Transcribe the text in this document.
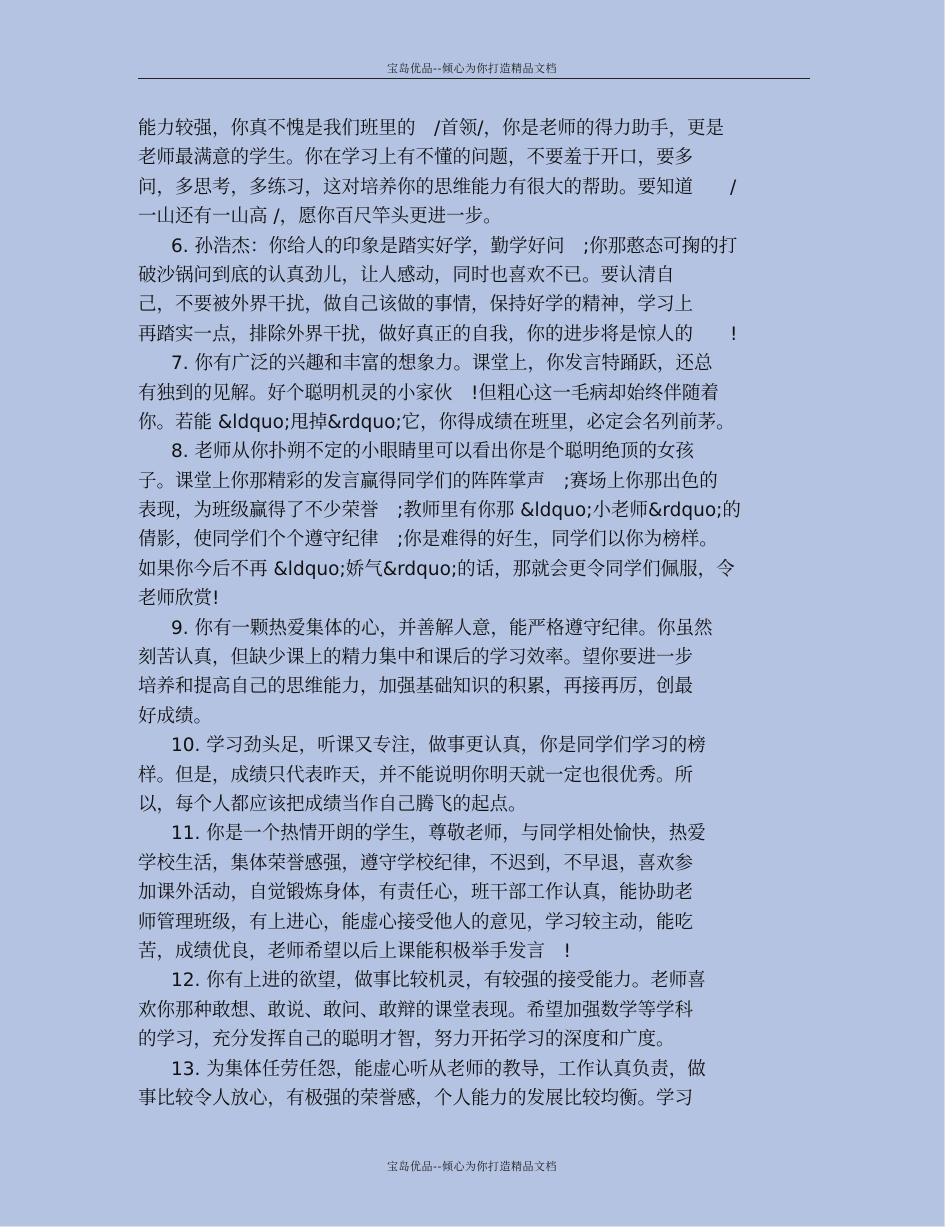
宝岛优品--倾心为你打造精品文档
能力较强，你真不愧是我们班里的　/首领/，你是老师的得力助手，更是
老师最满意的学生。你在学习上有不懂的问题，不要羞于开口，要多
问，多思考，多练习，这对培养你的思维能力有很大的帮助。要知道　　/
一山还有一山高 /，愿你百尺竿头更进一步。
6. 孙浩杰：你给人的印象是踏实好学，勤学好问　;你那憨态可掬的打
破沙锅问到底的认真劲儿，让人感动，同时也喜欢不已。要认清自
己，不要被外界干扰，做自己该做的事情，保持好学的精神，学习上
再踏实一点，排除外界干扰，做好真正的自我，你的进步将是惊人的　　!
7. 你有广泛的兴趣和丰富的想象力。课堂上，你发言特踊跃，还总
有独到的见解。好个聪明机灵的小家伙　!但粗心这一毛病却始终伴随着
你。若能 &ldquo;甩掉&rdquo;它，你得成绩在班里，必定会名列前茅。
8. 老师从你扑朔不定的小眼睛里可以看出你是个聪明绝顶的女孩
子。课堂上你那精彩的发言赢得同学们的阵阵掌声　;赛场上你那出色的
表现，为班级赢得了不少荣誉　;教师里有你那 &ldquo;小老师&rdquo;的
倩影，使同学们个个遵守纪律　;你是难得的好生，同学们以你为榜样。
如果你今后不再 &ldquo;娇气&rdquo;的话，那就会更令同学们佩服，令
老师欣赏!
9. 你有一颗热爱集体的心，并善解人意，能严格遵守纪律。你虽然
刻苦认真，但缺少课上的精力集中和课后的学习效率。望你要进一步
培养和提高自己的思维能力，加强基础知识的积累，再接再厉，创最
好成绩。
10. 学习劲头足，听课又专注，做事更认真，你是同学们学习的榜
样。但是，成绩只代表昨天，并不能说明你明天就一定也很优秀。所
以，每个人都应该把成绩当作自己腾飞的起点。
11. 你是一个热情开朗的学生，尊敬老师，与同学相处愉快，热爱
学校生活，集体荣誉感强，遵守学校纪律，不迟到，不早退，喜欢参
加课外活动，自觉锻炼身体，有责任心，班干部工作认真，能协助老
师管理班级，有上进心，能虚心接受他人的意见，学习较主动，能吃
苦，成绩优良，老师希望以后上课能积极举手发言　!
12. 你有上进的欲望，做事比较机灵，有较强的接受能力。老师喜
欢你那种敢想、敢说、敢问、敢辩的课堂表现。希望加强数学等学科
的学习，充分发挥自己的聪明才智，努力开拓学习的深度和广度。
13. 为集体任劳任怨，能虚心听从老师的教导，工作认真负责，做
事比较令人放心，有极强的荣誉感，个人能力的发展比较均衡。学习
宝岛优品--倾心为你打造精品文档
